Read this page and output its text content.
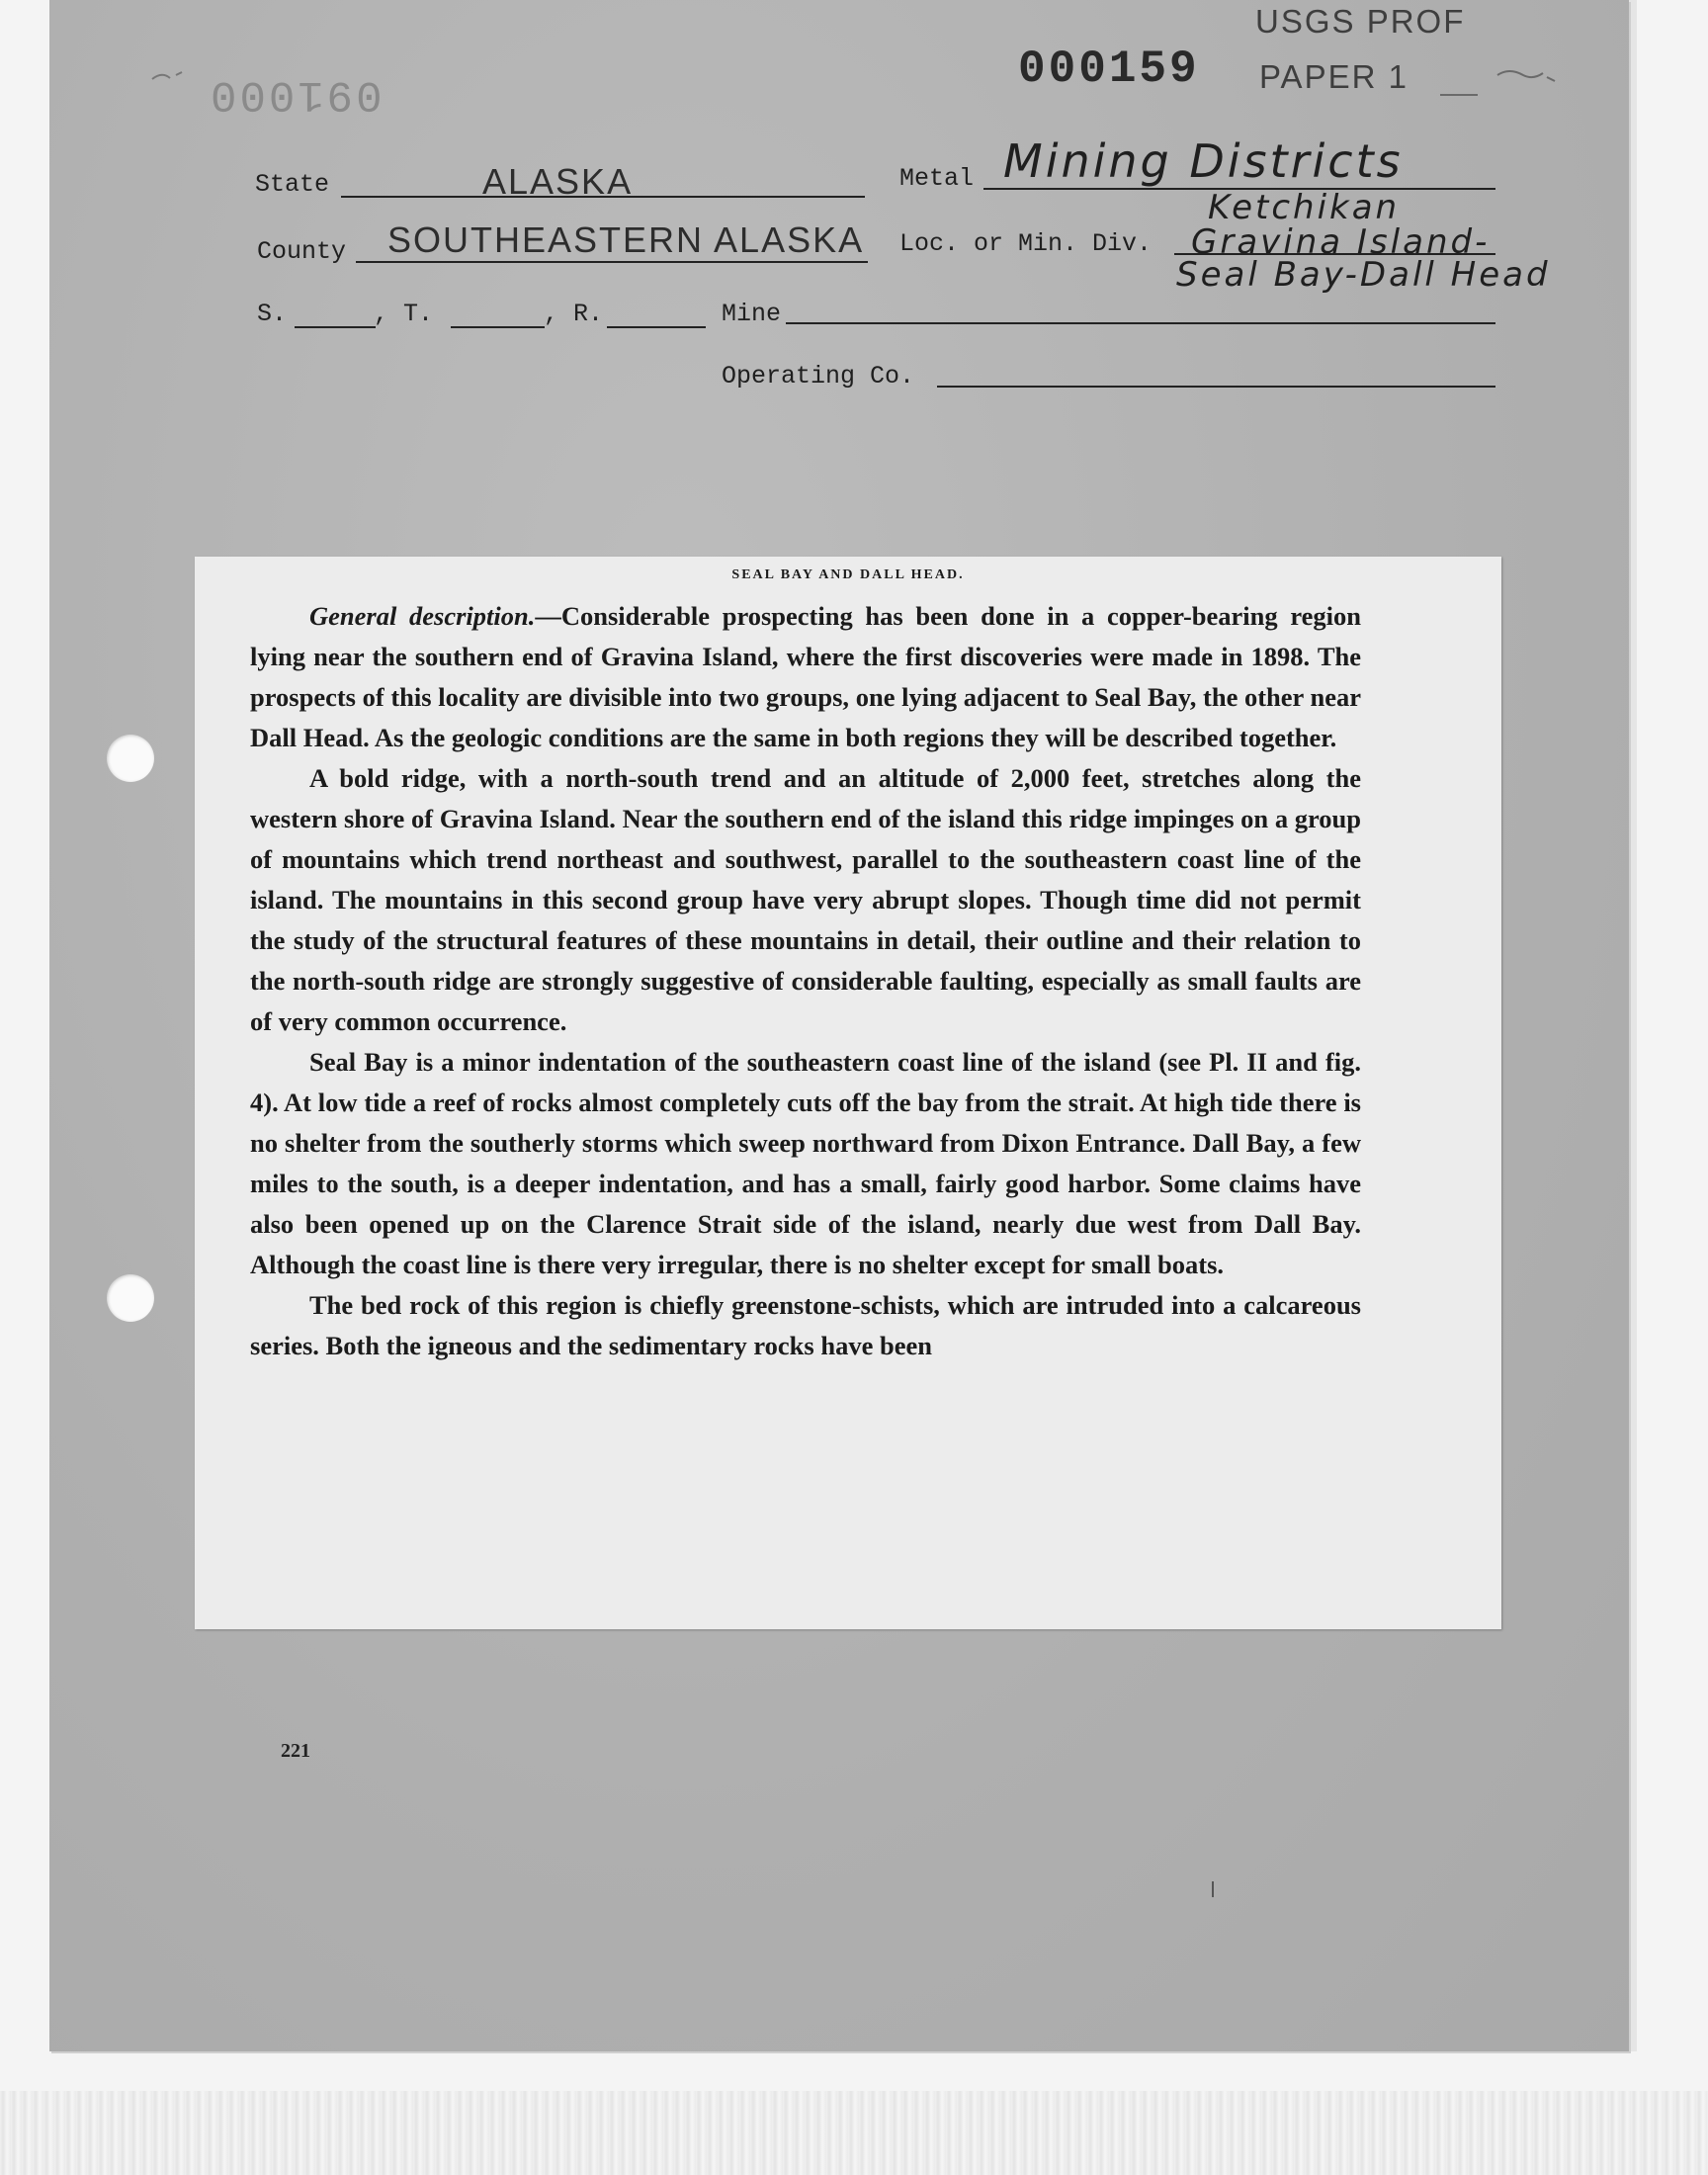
USGS PROF
PAPER 1
000159
091000
State	ALASKA	Metal Mining Districts
County SOUTHEASTERN ALASKA Loc. or Min. Div.
Ketchikan
Gravina Island-
Seal Bay-Dall Head
S.	, T.	, R.	Mine
Operating Co.
SEAL BAY AND DALL HEAD.

General description.—Considerable prospecting has been done in a copper-bearing region lying near the southern end of Gravina Island, where the first discoveries were made in 1898. The prospects of this locality are divisible into two groups, one lying adjacent to Seal Bay, the other near Dall Head. As the geologic conditions are the same in both regions they will be described together.

A bold ridge, with a north-south trend and an altitude of 2,000 feet, stretches along the western shore of Gravina Island. Near the southern end of the island this ridge impinges on a group of mountains which trend northeast and southwest, parallel to the southeastern coast line of the island. The mountains in this second group have very abrupt slopes. Though time did not permit the study of the structural features of these mountains in detail, their outline and their relation to the north-south ridge are strongly suggestive of considerable faulting, especially as small faults are of very common occurrence.

Seal Bay is a minor indentation of the southeastern coast line of the island (see Pl. II and fig. 4). At low tide a reef of rocks almost completely cuts off the bay from the strait. At high tide there is no shelter from the southerly storms which sweep northward from Dixon Entrance. Dall Bay, a few miles to the south, is a deeper indentation, and has a small, fairly good harbor. Some claims have also been opened up on the Clarence Strait side of the island, nearly due west from Dall Bay. Although the coast line is there very irregular, there is no shelter except for small boats.

The bed rock of this region is chiefly greenstone-schists, which are intruded into a calcareous series. Both the igneous and the sedimentary rocks have been

221
